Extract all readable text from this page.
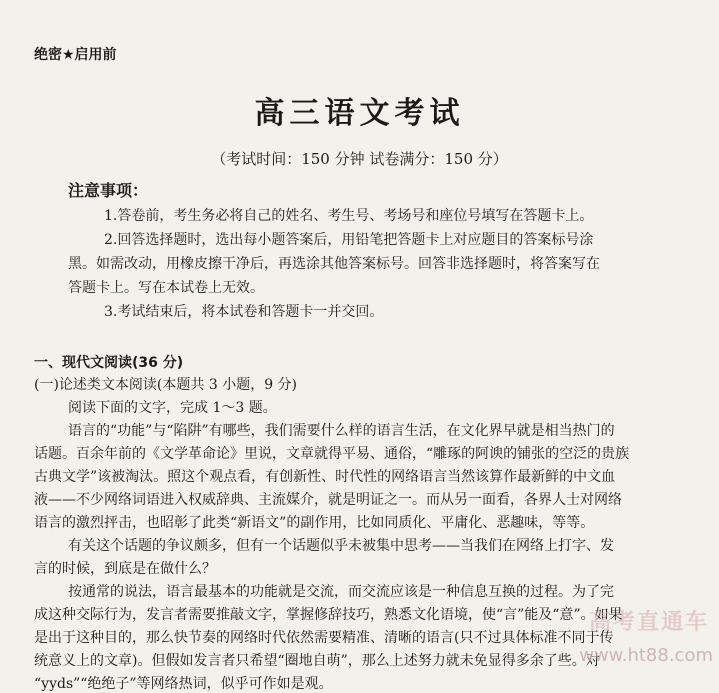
绝密★启用前
高三语文考试
（考试时间：150 分钟 试卷满分：150 分）
注意事项：
1.答卷前，考生务必将自己的姓名、考生号、考场号和座位号填写在答题卡上。
2.回答选择题时，选出每小题答案后，用铅笔把答题卡上对应题目的答案标号涂
黑。如需改动，用橡皮擦干净后，再选涂其他答案标号。回答非选择题时，将答案写在
答题卡上。写在本试卷上无效。
3.考试结束后，将本试卷和答题卡一并交回。
一、现代文阅读(36 分)
(一)论述类文本阅读(本题共 3 小题，9 分)
阅读下面的文字，完成 1～3 题。
语言的“功能”与“陷阱”有哪些，我们需要什么样的语言生活，在文化界早就是相当热门的
话题。百余年前的《文学革命论》里说，文章就得平易、通俗，“雕琢的阿谀的铺张的空泛的贵族
古典文学”该被淘汰。照这个观点看，有创新性、时代性的网络语言当然该算作最新鲜的中文血
液——不少网络词语进入权威辞典、主流媒介，就是明证之一。而从另一面看，各界人士对网络
语言的激烈抨击，也昭彰了此类“新语文”的副作用，比如同质化、平庸化、恶趣味，等等。
有关这个话题的争议颇多，但有一个话题似乎未被集中思考——当我们在网络上打字、发
言的时候，到底是在做什么？
按通常的说法，语言最基本的功能就是交流，而交流应该是一种信息互换的过程。为了完
成这种交际行为，发言者需要推敲文字，掌握修辞技巧，熟悉文化语境，使“言”能及“意”。如果
是出于这种目的，那么快节奏的网络时代依然需要精准、清晰的语言(只不过具体标准不同于传
统意义上的文章)。但假如发言者只希望“圈地自萌”，那么上述努力就未免显得多余了些。对
“yyds”“绝绝子”等网络热词，似乎可作如是观。
高考直通车
www.ht88.com
